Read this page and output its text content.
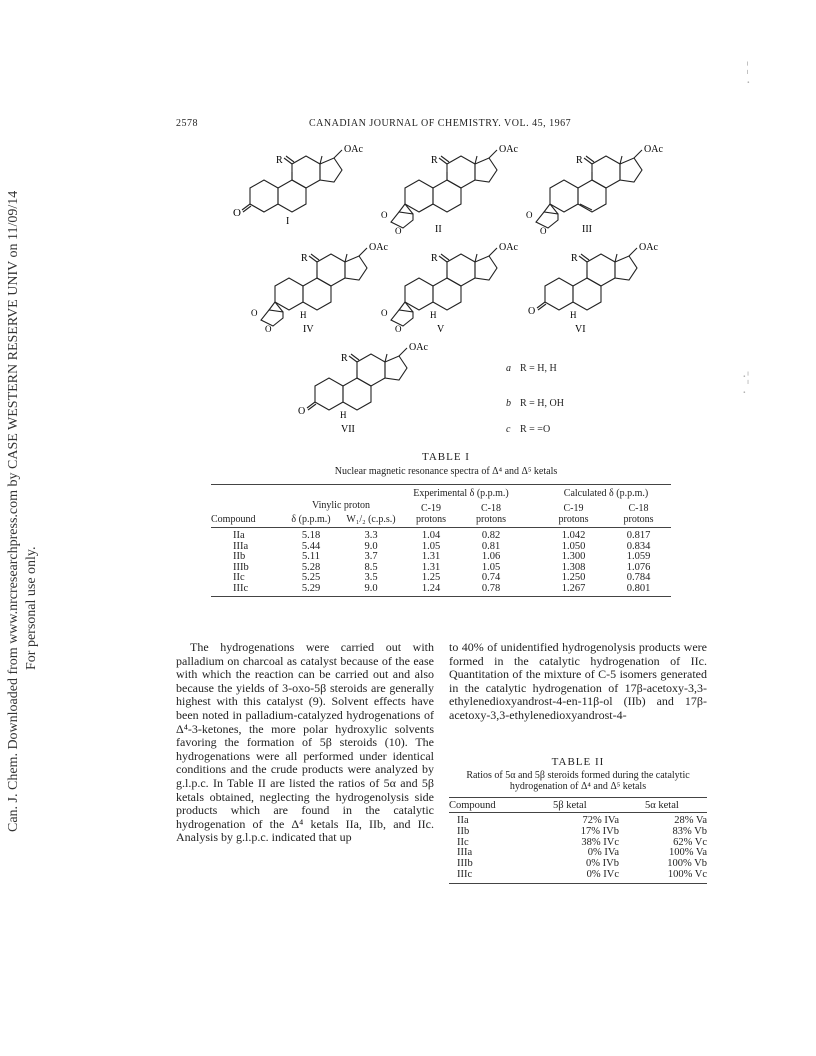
Can. J. Chem. Downloaded from www.nrcresearchpress.com by CASE WESTERN RESERVE UNIV on 11/09/14 For personal use only.
¦ ·
·¦ ·
2578	CANADIAN JOURNAL OF CHEMISTRY. VOL. 45, 1967
O
R
OAc
I
O
O
R
OAc
II
O
O
R
OAc
III
O
O
R
OAc
H
IV
O
O
R
OAc
H
V
O
R
OAc
H
VI
O
R
OAc
H
VII
a R = H, H
b R = H, OH
c R = =O
TABLE I
Nuclear magnetic resonance spectra of Δ⁴ and Δ⁵ ketals
Experimental δ (p.p.m.)	Calculated δ (p.p.m.)
Vinylic proton	C-19	C-18	C-19	C-18
Compound	δ (p.p.m.)	W₁/₂ (c.p.s.)	protons	protons	protons	protons
IIa	5.18	3.3	1.04	0.82	1.042	0.817
IIIa	5.44	9.0	1.05	0.81	1.050	0.834
IIb	5.11	3.7	1.31	1.06	1.300	1.059
IIIb	5.28	8.5	1.31	1.05	1.308	1.076
IIc	5.25	3.5	1.25	0.74	1.250	0.784
IIIc	5.29	9.0	1.24	0.78	1.267	0.801
The hydrogenations were carried out with palladium on charcoal as catalyst because of the ease with which the reaction can be carried out and also because the yields of 3-oxo-5β steroids are generally highest with this catalyst (9). Solvent effects have been noted in palladium-catalyzed hydrogenations of Δ⁴-3-ketones, the more polar hydroxylic solvents favoring the formation of 5β steroids (10). The hydrogenations were all performed under identical conditions and the crude products were analyzed by g.l.p.c. In Table II are listed the ratios of 5α and 5β ketals obtained, neglecting the hydrogenolysis side products which are found in the catalytic hydrogenation of the Δ⁴ ketals IIa, IIb, and IIc. Analysis by g.l.p.c. indicated that up
to 40% of unidentified hydrogenolysis products were formed in the catalytic hydrogenation of IIc. Quantitation of the mixture of C-5 isomers generated in the catalytic hydrogenation of 17β-acetoxy-3,3-ethylenedioxyandrost-4-en-11β-ol (IIb) and 17β-acetoxy-3,3-ethylenedioxyandrost-4-
TABLE II
Ratios of 5α and 5β steroids formed during the catalytic hydrogenation of Δ⁴ and Δ⁵ ketals
Compound	5β ketal	5α ketal
IIa	72% IVa	28% Va
IIb	17% IVb	83% Vb
IIc	38% IVc	62% Vc
IIIa	0% IVa	100% Va
IIIb	0% IVb	100% Vb
IIIc	0% IVc	100% Vc
